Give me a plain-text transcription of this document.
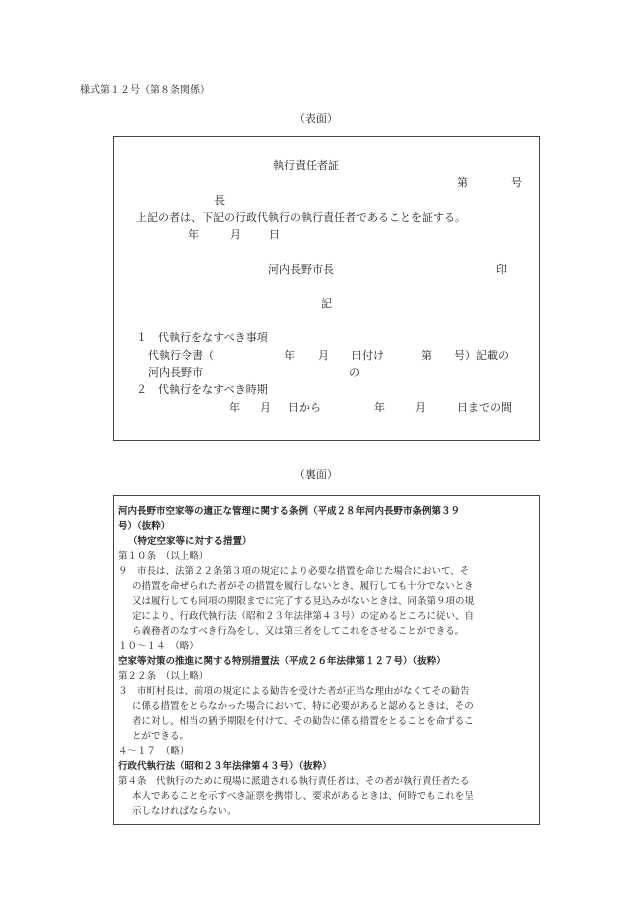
様式第１２号（第８条関係）
（表面）
執行責任者証
第	号
長
上記の者は、下記の行政代執行の執行責任者であることを証する。
年	月	日
河内長野市長	印
記
１　代執行をなすべき事項
代執行令書（	年 月 日付け	第 号）記載の
河内長野市	の
２　代執行をなすべき時期
年 月 日から	年	月	日までの間
（裏面）
河内長野市空家等の適正な管理に関する条例（平成２８年河内長野市条例第３９
号）（抜粋）
（特定空家等に対する措置）
第１０条　（以上略）
９　市長は、法第２２条第３項の規定により必要な措置を命じた場合において、そ
の措置を命ぜられた者がその措置を履行しないとき、履行しても十分でないとき
又は履行しても同項の期限までに完了する見込みがないときは、同条第９項の規
定により、行政代執行法（昭和２３年法律第４３号）の定めるところに従い、自
ら義務者のなすべき行為をし、又は第三者をしてこれをさせることができる。
１０～１４　（略）
空家等対策の推進に関する特別措置法（平成２６年法律第１２７号）（抜粋）
第２２条　（以上略）
３　市町村長は、前項の規定による勧告を受けた者が正当な理由がなくてその勧告
に係る措置をとらなかった場合において、特に必要があると認めるときは、その
者に対し、相当の猶予期限を付けて、その勧告に係る措置をとることを命ずるこ
とができる。
４～１７　（略）
行政代執行法（昭和２３年法律第４３号）（抜粋）
第４条　代執行のために現場に派遣される執行責任者は、その者が執行責任者たる
本人であることを示すべき証票を携帯し、要求があるときは、何時でもこれを呈
示しなければならない。
